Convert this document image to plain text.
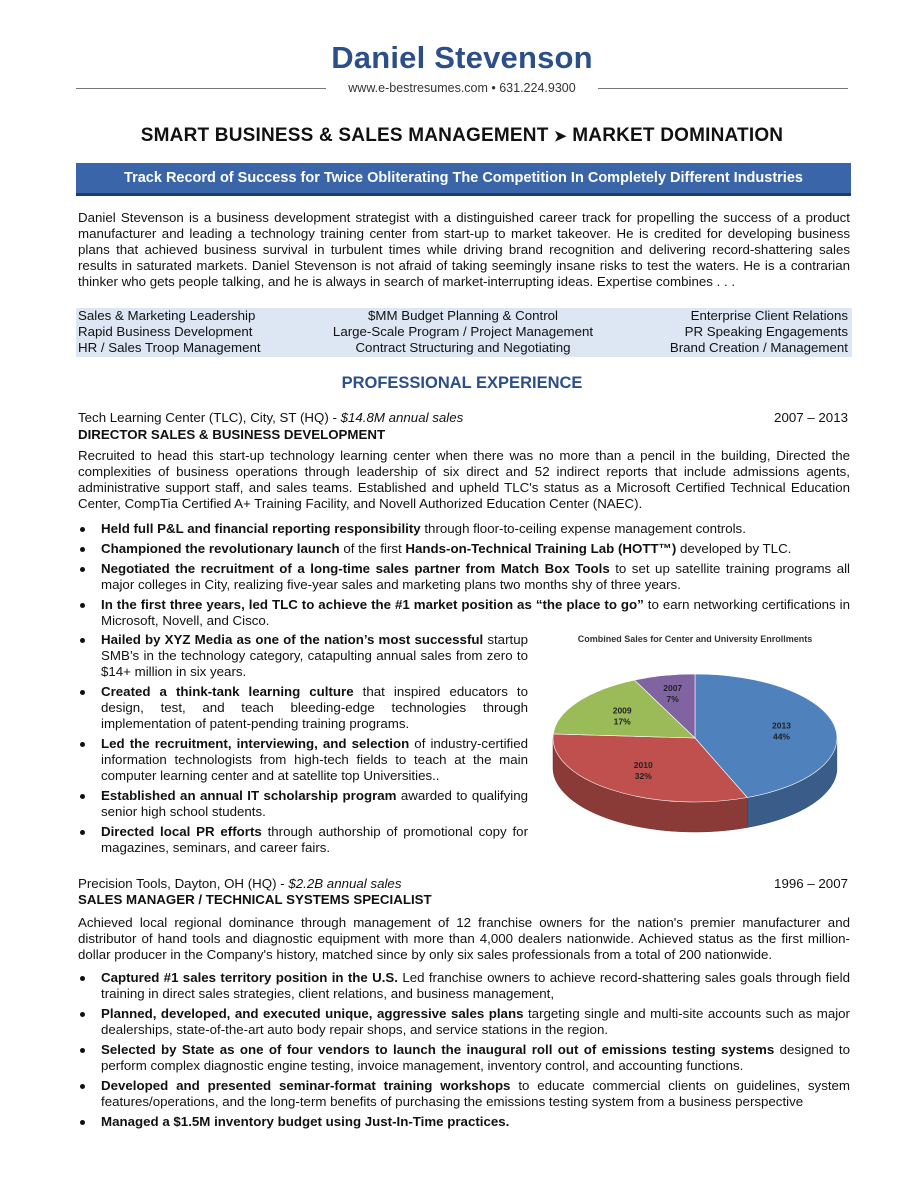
Daniel Stevenson
www.e-bestresumes.com • 631.224.9300
SMART BUSINESS & SALES MANAGEMENT ➤ MARKET DOMINATION
Track Record of Success for Twice Obliterating The Competition In Completely Different Industries
Daniel Stevenson is a business development strategist with a distinguished career track for propelling the success of a product manufacturer and leading a technology training center from start-up to market takeover. He is credited for developing business plans that achieved business survival in turbulent times while driving brand recognition and delivering record-shattering sales results in saturated markets. Daniel Stevenson is not afraid of taking seemingly insane risks to test the waters. He is a contrarian thinker who gets people talking, and he is always in search of market-interrupting ideas. Expertise combines . . .
Sales & Marketing Leadership	$MM Budget Planning & Control	Enterprise Client Relations
Rapid Business Development	Large-Scale Program / Project Management	PR Speaking Engagements
HR / Sales Troop Management	Contract Structuring and Negotiating	Brand Creation / Management
PROFESSIONAL EXPERIENCE
Tech Learning Center (TLC), City, ST (HQ) - $14.8M annual sales	2007 – 2013
DIRECTOR SALES & BUSINESS DEVELOPMENT
Recruited to head this start-up technology learning center when there was no more than a pencil in the building, Directed the complexities of business operations through leadership of six direct and 52 indirect reports that include admissions agents, administrative support staff, and sales teams. Established and upheld TLC's status as a Microsoft Certified Technical Education Center, CompTia Certified A+ Training Facility, and Novell Authorized Education Center (NAEC).
Held full P&L and financial reporting responsibility through floor-to-ceiling expense management controls.
Championed the revolutionary launch of the first Hands-on-Technical Training Lab (HOTT™) developed by TLC.
Negotiated the recruitment of a long-time sales partner from Match Box Tools to set up satellite training programs all major colleges in City, realizing five-year sales and marketing plans two months shy of three years.
In the first three years, led TLC to achieve the #1 market position as “the place to go” to earn networking certifications in Microsoft, Novell, and Cisco.
Hailed by XYZ Media as one of the nation’s most successful startup SMB’s in the technology category, catapulting annual sales from zero to $14+ million in six years.
Created a think-tank learning culture that inspired educators to design, test, and teach bleeding-edge technologies through implementation of patent-pending training programs.
Led the recruitment, interviewing, and selection of industry-certified information technologists from high-tech fields to teach at the main computer learning center and at satellite top Universities..
Established an annual IT scholarship program awarded to qualifying senior high school students.
Directed local PR efforts through authorship of promotional copy for magazines, seminars, and career fairs.
Combined Sales for Center and University Enrollments
2013
44%
2010
32%
2009
17%
2007
7%
Precision Tools, Dayton, OH (HQ) - $2.2B annual sales	1996 – 2007
SALES MANAGER / TECHNICAL SYSTEMS SPECIALIST
Achieved local regional dominance through management of 12 franchise owners for the nation's premier manufacturer and distributor of hand tools and diagnostic equipment with more than 4,000 dealers nationwide. Achieved status as the first million-dollar producer in the Company's history, matched since by only six sales professionals from a total of 200 nationwide.
Captured #1 sales territory position in the U.S. Led franchise owners to achieve record-shattering sales goals through field training in direct sales strategies, client relations, and business management,
Planned, developed, and executed unique, aggressive sales plans targeting single and multi-site accounts such as major dealerships, state-of-the-art auto body repair shops, and service stations in the region.
Selected by State as one of four vendors to launch the inaugural roll out of emissions testing systems designed to perform complex diagnostic engine testing, invoice management, inventory control, and accounting functions.
Developed and presented seminar-format training workshops to educate commercial clients on guidelines, system features/operations, and the long-term benefits of purchasing the emissions testing system from a business perspective
Managed a $1.5M inventory budget using Just-In-Time practices.
